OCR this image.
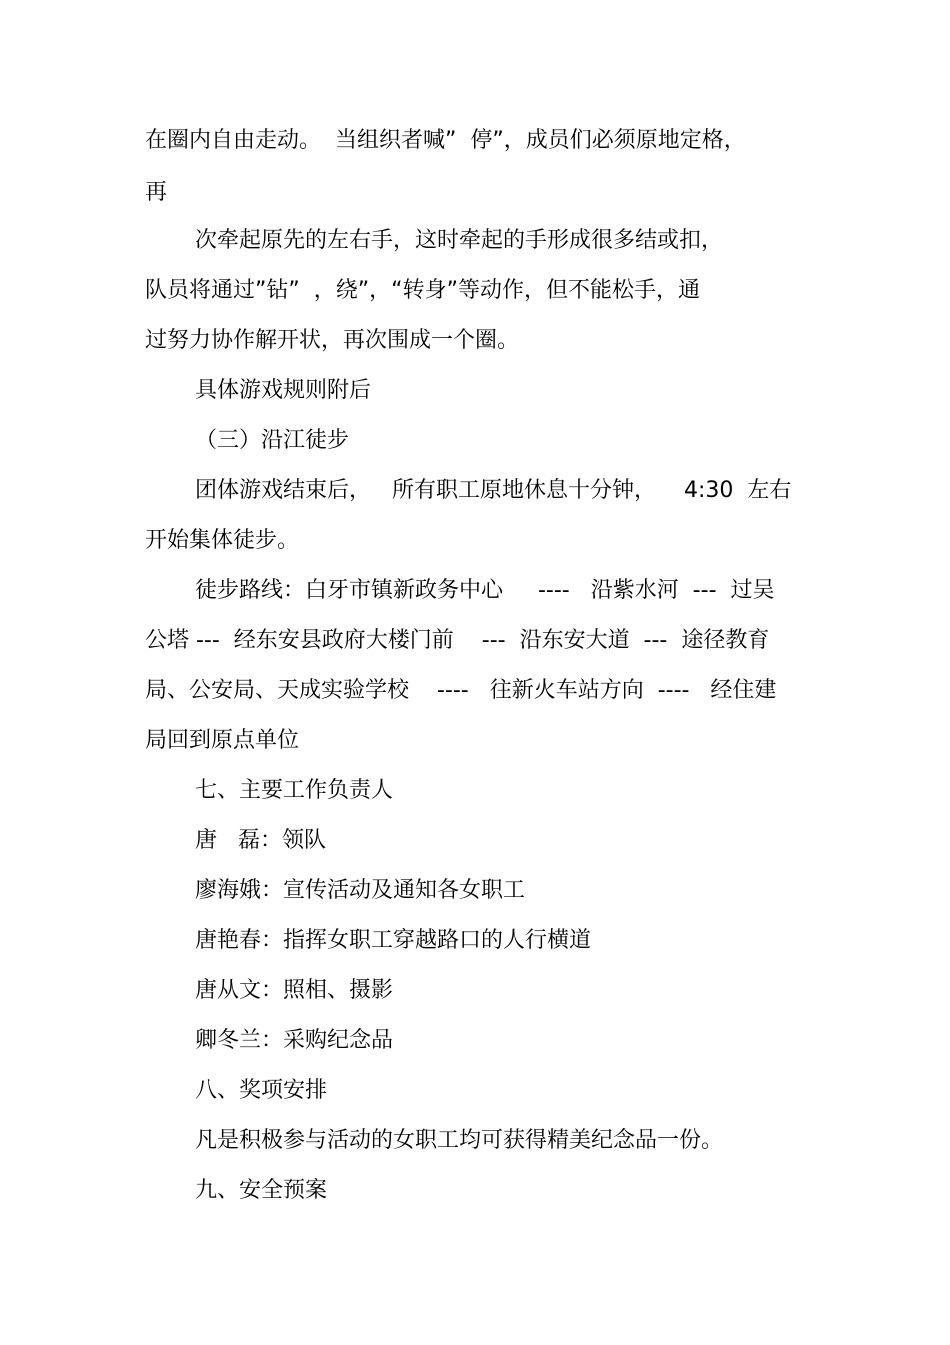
在圈内自由走动。  当组织者喊”  停”，成员们必须原地定格，

再

次牵起原先的左右手，这时牵起的手形成很多结或扣，

队员将通过”钻”  ，绕”，“转身”等动作，但不能松手，通

过努力协作解开状，再次围成一个圈。

具体游戏规则附后

（三）沿江徒步

团体游戏结束后，   所有职工原地休息十分钟，    4:30  左右

开始集体徒步。

徒步路线：白牙市镇新政务中心     ----   沿紫水河  ---  过吴

公塔 ---  经东安县政府大楼门前    ---  沿东安大道  ---  途径教育

局、公安局、天成实验学校    ----   往新火车站方向  ----   经住建

局回到原点单位

七、主要工作负责人

唐   磊：领队

廖海娥：宣传活动及通知各女职工

唐艳春：指挥女职工穿越路口的人行横道

唐从文：照相、摄影

卿冬兰：采购纪念品

八、奖项安排

凡是积极参与活动的女职工均可获得精美纪念品一份。

九、安全预案
